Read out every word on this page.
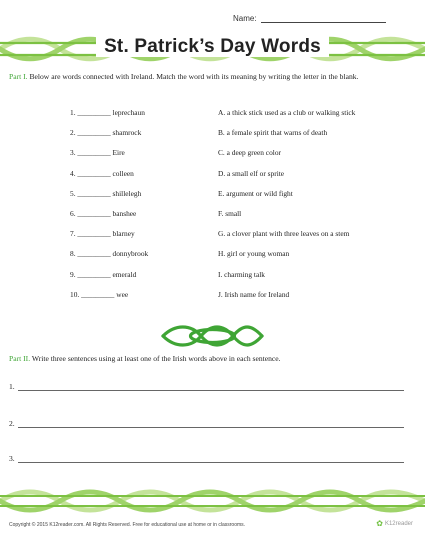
Name:
St. Patrick’s Day Words
Part I. Below are words connected with Ireland. Match the word with its meaning by writing the letter in the blank.
1. _________ leprechaun	A. a thick stick used as a club or walking stick
2. _________ shamrock	B. a female spirit that warns of death
3. _________ Eire	C. a deep green color
4. _________ colleen	D. a small elf or sprite
5. _________ shillelegh	E. argument or wild fight
6. _________ banshee	F. small
7. _________ blarney	G. a clover plant with three leaves on a stem
8. _________ donnybrook	H. girl or young woman
9. _________ emerald	I. charming talk
10. _________ wee	J. Irish name for Ireland
Part II. Write three sentences using at least one of the Irish words above in each sentence.
1.
2.
3.
Copyright © 2015 K12reader.com. All Rights Reserved. Free for educational use at home or in classrooms.	✿ K12reader
